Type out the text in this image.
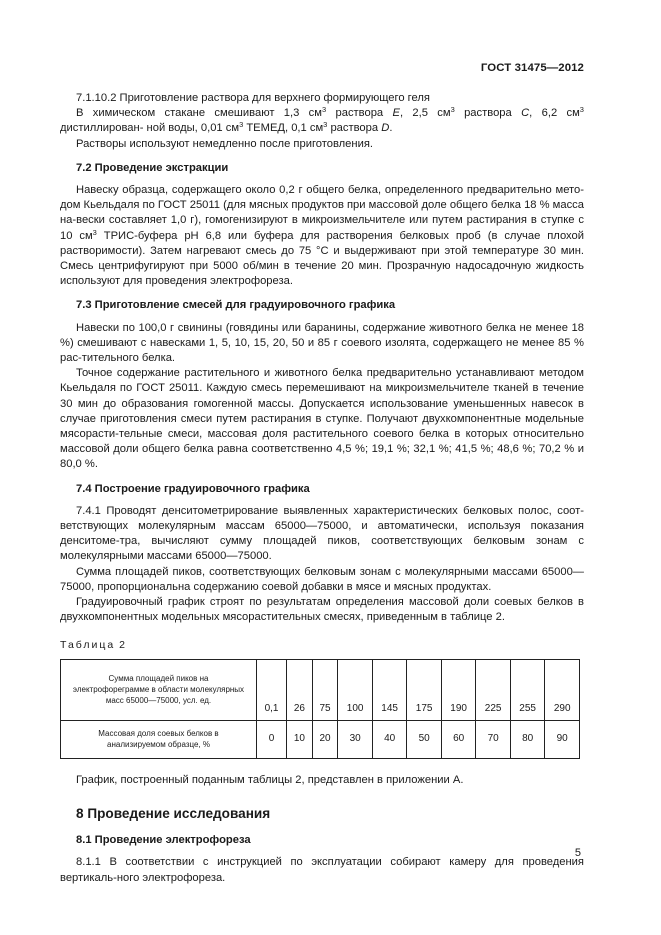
ГОСТ 31475—2012

7.1.10.2 Приготовление раствора для верхнего формирующего геля

В химическом стакане смешивают 1,3 $см^3$ раствора Е, 2,5 $см^3$ раствора С, 6,2 $см^3$ дистиллирован- ной воды, 0,01 $см^3$ ТЕМЕД, 0,1 $см^3$ раствора D.

Растворы используют немедленно после приготовления.

7.2 Проведение экстракции

Навеску образца, содержащего около 0,2 г общего белка, определенного предварительно мето-дом Кьельдаля по ГОСТ 25011 (для мясных продуктов при массовой доле общего белка 18 % масса на-вески составляет 1,0 г), гомогенизируют в микроизмельчителе или путем растирания в ступке с 10 $см^3$ ТРИС-буфера рН 6,8 или буфера для растворения белковых проб (в случае плохой растворимости). Затем нагревают смесь до 75 °С и выдерживают при этой температуре 30 мин. Смесь центрифугируют при 5000 об/мин в течение 20 мин. Прозрачную надосадочную жидкость используют для проведения электрофореза.

7.3 Приготовление смесей для градуировочного графика

Навески по 100,0 г свинины (говядины или баранины, содержание животного белка не менее 18 %) смешивают с навесками 1, 5, 10, 15, 20, 50 и 85 г соевого изолята, содержащего не менее 85 % рас-тительного белка.

Точное содержание растительного и животного белка предварительно устанавливают методом Кьельдаля по ГОСТ 25011. Каждую смесь перемешивают на микроизмельчителе тканей в течение 30 мин до образования гомогенной массы. Допускается использование уменьшенных навесок в случае приготовления смеси путем растирания в ступке. Получают двухкомпонентные модельные мясорасти-тельные смеси, массовая доля растительного соевого белка в которых относительно массовой доли общего белка равна соответственно 4,5 %; 19,1 %; 32,1 %; 41,5 %; 48,6 %; 70,2 % и 80,0 %.

7.4 Построение градуировочного графика

7.4.1 Проводят денситометрирование выявленных характеристических белковых полос, соот-ветствующих молекулярным массам 65000—75000, и автоматически, используя показания денситоме-тра, вычисляют сумму площадей пиков, соответствующих белковым зонам с молекулярными массами 65000—75000.

Сумма площадей пиков, соответствующих белковым зонам с молекулярными массами 65000—75000, пропорциональна содержанию соевой добавки в мясе и мясных продуктах.

Градуировочный график строят по результатам определения массовой доли соевых белков в двухкомпонентных модельных мясорастительных смесях, приведенным в таблице 2.

Таблица 2
Сумма площадей пиков на электрофореграмме в области молекулярных масс 65000—75000, усл. ед.	0,1	26	75	100	145	175	190	225	255	290
Массовая доля соевых белков в анализируемом образце, %	0	10	20	30	40	50	60	70	80	90

График, построенный поданным таблицы 2, представлен в приложении А.

8 Проведение исследования

8.1 Проведение электрофореза

8.1.1 В соответствии с инструкцией по эксплуатации собирают камеру для проведения вертикаль-ного электрофореза.

5
